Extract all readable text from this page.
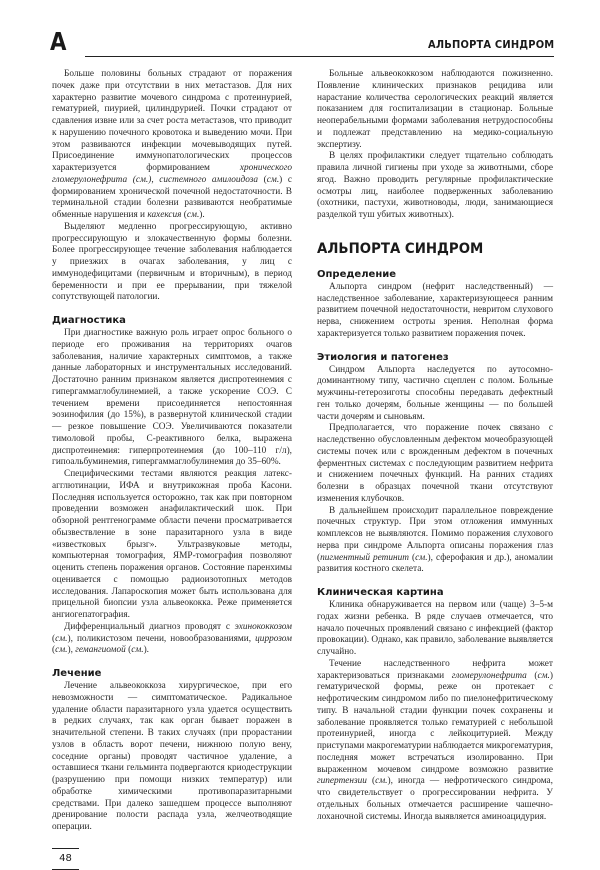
А	АЛЬПОРТА СИНДРОМ

Больше половины больных страдают от поражения почек даже при отсутствии в них метастазов. Для них характерно развитие мочевого синдрома с протеинурией, гематурией, пиурией, цилиндрурией. Почки страдают от сдавления извне или за счет роста метастазов, что приводит к нарушению почечного кровотока и выведению мочи. При этом развиваются инфекции мочевыводящих путей. Присоединение иммунопатологических процессов характеризуется формированием хронического гломерулонефрита (см.), системного амилоидоза (см.) с формированием хронической почечной недостаточности. В терминальной стадии болезни развиваются необратимые обменные нарушения и кахексия (см.).

Выделяют медленно прогрессирующую, активно прогрессирующую и злокачественную формы болезни. Более прогрессирующее течение заболевания наблюдается у приезжих в очагах заболевания, у лиц с иммунодефицитами (первичным и вторичным), в период беременности и при ее прерывании, при тяжелой сопутствующей патологии.

Диагностика

При диагностике важную роль играет опрос больного о периоде его проживания на территориях очагов заболевания, наличие характерных симптомов, а также данные лабораторных и инструментальных исследований. Достаточно ранним признаком является диспротеинемия с гипергаммаглобулинемией, а также ускорение СОЭ. С течением времени присоединяется непостоянная эозинофилия (до 15%), в развернутой клинической стадии — резкое повышение СОЭ. Увеличиваются показатели тимоловой пробы, С-реактивного белка, выражена диспротеинемия: гиперпротеинемия (до 100–110 г/л), гипоальбуминемия, гипергаммаглобулинемия до 35–60%.

Специфическими тестами являются реакция латекс-агглютинации, ИФА и внутрикожная проба Касони. Последняя используется осторожно, так как при повторном проведении возможен анафилактический шок. При обзорной рентгенограмме области печени просматривается обызвествление в зоне паразитарного узла в виде «известковых брызг». Ультразвуковые методы, компьютерная томография, ЯМР-томография позволяют оценить степень поражения органов. Состояние паренхимы оценивается с помощью радиоизотопных методов исследования. Лапароскопия может быть использована для прицельной биопсии узла альвеококка. Реже применяется ангиогепатография.

Дифференциальный диагноз проводят с эхинококкозом (см.), поликистозом печени, новообразованиями, циррозом (см.), гемангиомой (см.).

Лечение

Лечение альвеококкоза хирургическое, при его невозможности — симптоматическое. Радикальное удаление области паразитарного узла удается осуществить в редких случаях, так как орган бывает поражен в значительной степени. В таких случаях (при прорастании узлов в область ворот печени, нижнюю полую вену, соседние органы) проводят частичное удаление, а оставшиеся ткани гельминта подвергаются криодеструкции (разрушению при помощи низких температур) или обработке химическими противопаразитарными средствами. При далеко зашедшем процессе выполняют дренирование полости распада узла, желчеотводящие операции.

48

Больные альвеококкозом наблюдаются пожизненно. Появление клинических признаков рецидива или нарастание количества серологических реакций является показанием для госпитализации в стационар. Больные неоперабельными формами заболевания нетрудоспособны и подлежат представлению на медико-социальную экспертизу.

В целях профилактики следует тщательно соблюдать правила личной гигиены при уходе за животными, сборе ягод. Важно проводить регулярные профилактические осмотры лиц, наиболее подверженных заболеванию (охотники, пастухи, животноводы, люди, занимающиеся разделкой туш убитых животных).

АЛЬПОРТА СИНДРОМ
Определение

Альпорта синдром (нефрит наследственный) — наследственное заболевание, характеризующееся ранним развитием почечной недостаточности, невритом слухового нерва, снижением остроты зрения. Неполная форма характеризуется только развитием поражения почек.

Этиология и патогенез

Синдром Альпорта наследуется по аутосомно-доминантному типу, частично сцеплен с полом. Больные мужчины-гетерозиготы способны передавать дефектный ген только дочерям, больные женщины — по большей части дочерям и сыновьям.

Предполагается, что поражение почек связано с наследственно обусловленным дефектом мочеобразующей системы почек или с врожденным дефектом в почечных ферментных системах с последующим развитием нефрита и снижением почечных функций. На ранних стадиях болезни в образцах почечной ткани отсутствуют изменения клубочков.

В дальнейшем происходит параллельное повреждение почечных структур. При этом отложения иммунных комплексов не выявляются. Помимо поражения слухового нерва при синдроме Альпорта описаны поражения глаз (пигментный ретинит (см.), сферофакия и др.), аномалии развития костного скелета.

Клиническая картина

Клиника обнаруживается на первом или (чаще) 3–5-м годах жизни ребенка. В ряде случаев отмечается, что начало почечных проявлений связано с инфекцией (фактор провокации). Однако, как правило, заболевание выявляется случайно.

Течение наследственного нефрита может характеризоваться признаками гломерулонефрита (см.) гематурической формы, реже он протекает с нефротическим синдромом либо по пиелонефритическому типу. В начальной стадии функции почек сохранены и заболевание проявляется только гематурией с небольшой протеинурией, иногда с лейкоцитурией. Между приступами макрогематурии наблюдается микрогематурия, последняя может встречаться изолированно. При выраженном мочевом синдроме возможно развитие гипертензии (см.), иногда — нефротического синдрома, что свидетельствует о прогрессировании нефрита. У отдельных больных отмечается расширение чашечно-лоханочной системы. Иногда выявляется аминоацидурия.
